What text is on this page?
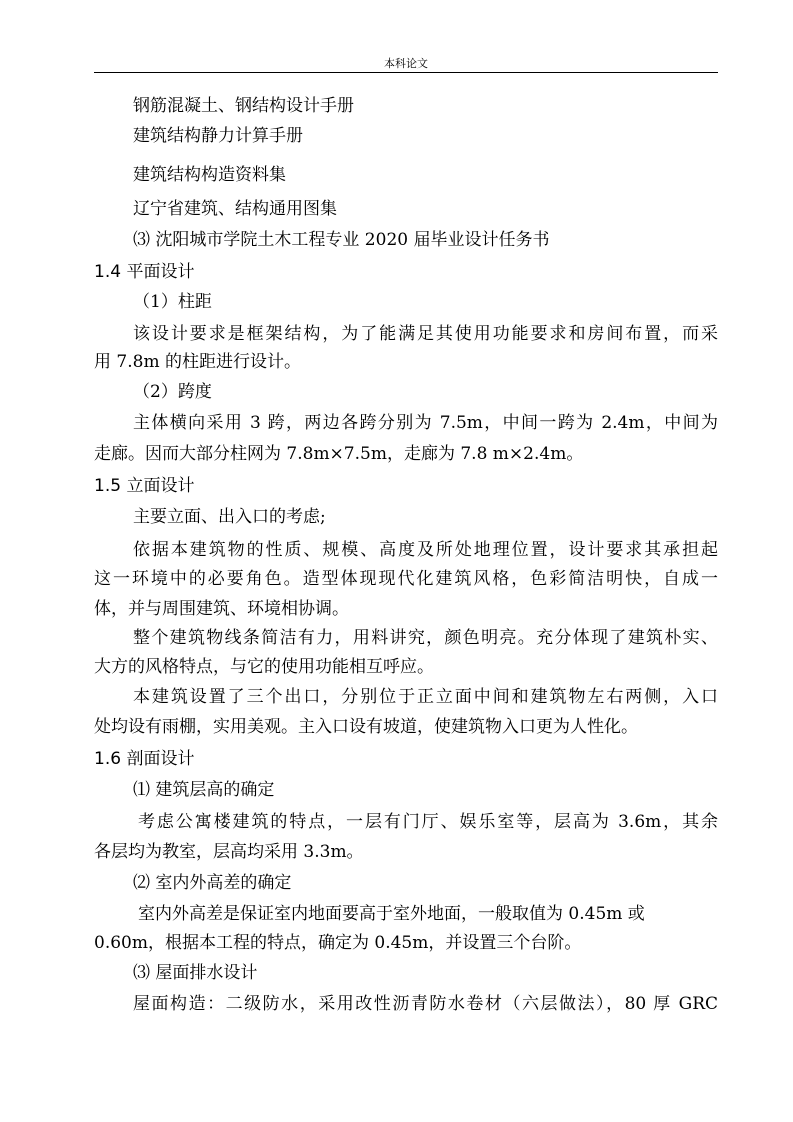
本科论文
钢筋混凝土、钢结构设计手册
建筑结构静力计算手册
建筑结构构造资料集
辽宁省建筑、结构通用图集
⑶ 沈阳城市学院土木工程专业 2020 届毕业设计任务书
1.4 平面设计
（1）柱距
该设计要求是框架结构，为了能满足其使用功能要求和房间布置，而采
用 7.8m 的柱距进行设计。
（2）跨度
主体横向采用 3 跨，两边各跨分别为 7.5m，中间一跨为 2.4m，中间为
走廊。因而大部分柱网为 7.8m×7.5m，走廊为 7.8 m×2.4m。
1.5 立面设计
主要立面、出入口的考虑;
依据本建筑物的性质、规模、高度及所处地理位置，设计要求其承担起
这一环境中的必要角色。造型体现现代化建筑风格，色彩简洁明快，自成一
体，并与周围建筑、环境相协调。
整个建筑物线条简洁有力，用料讲究，颜色明亮。充分体现了建筑朴实、
大方的风格特点，与它的使用功能相互呼应。
本建筑设置了三个出口，分别位于正立面中间和建筑物左右两侧，入口
处均设有雨棚，实用美观。主入口设有坡道，使建筑物入口更为人性化。
1.6 剖面设计
⑴ 建筑层高的确定
考虑公寓楼建筑的特点，一层有门厅、娱乐室等，层高为 3.6m，其余
各层均为教室，层高均采用 3.3m。
⑵ 室内外高差的确定
室内外高差是保证室内地面要高于室外地面，一般取值为 0.45m 或
0.60m，根据本工程的特点，确定为 0.45m，并设置三个台阶。
⑶ 屋面排水设计
屋面构造：二级防水，采用改性沥青防水卷材（六层做法），80 厚 GRC
